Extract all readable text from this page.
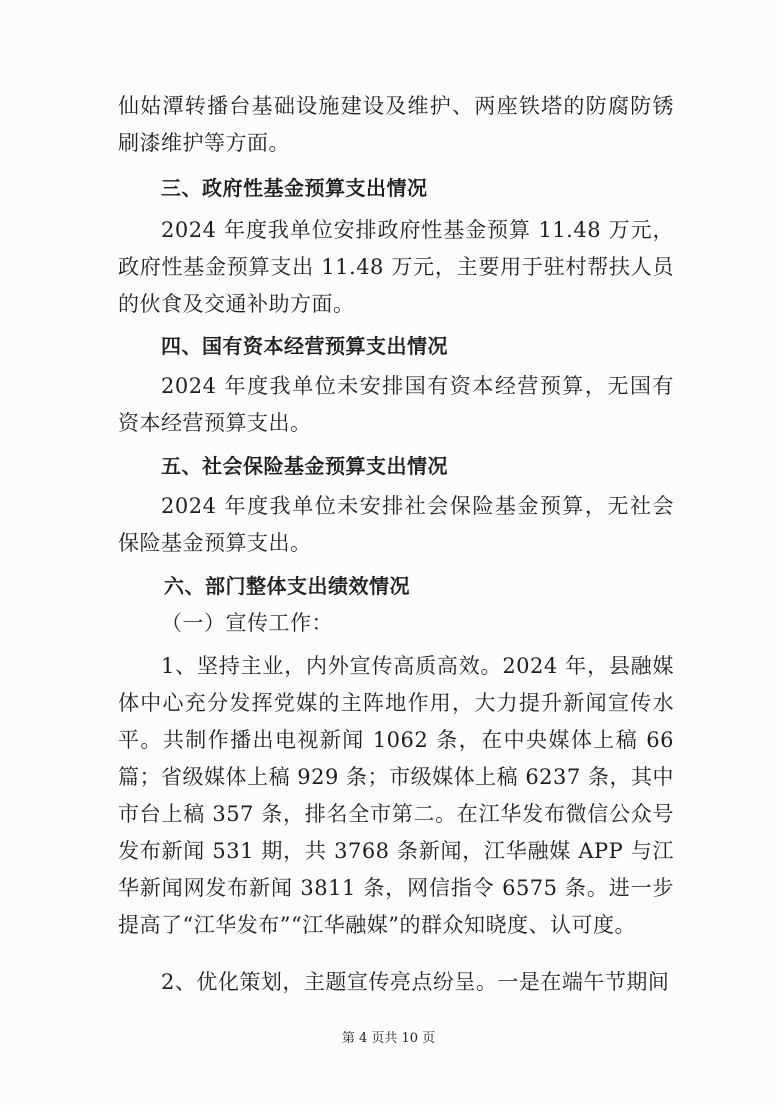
仙姑潭转播台基础设施建设及维护、两座铁塔的防腐防锈刷漆维护等方面。

三、政府性基金预算支出情况

2024 年度我单位安排政府性基金预算 11.48 万元，政府性基金预算支出 11.48 万元，主要用于驻村帮扶人员的伙食及交通补助方面。

四、国有资本经营预算支出情况

2024 年度我单位未安排国有资本经营预算，无国有资本经营预算支出。

五、社会保险基金预算支出情况

2024 年度我单位未安排社会保险基金预算，无社会保险基金预算支出。

六、部门整体支出绩效情况

（一）宣传工作：

1、坚持主业，内外宣传高质高效。2024 年，县融媒体中心充分发挥党媒的主阵地作用，大力提升新闻宣传水平。共制作播出电视新闻 1062 条，在中央媒体上稿 66 篇；省级媒体上稿 929 条；市级媒体上稿 6237 条，其中市台上稿 357 条，排名全市第二。在江华发布微信公众号发布新闻 531 期，共 3768 条新闻，江华融媒 APP 与江华新闻网发布新闻 3811 条，网信指令 6575 条。进一步提高了“江华发布”“江华融媒”的群众知晓度、认可度。

2、优化策划，主题宣传亮点纷呈。一是在端午节期间

第 4 页共 10 页
